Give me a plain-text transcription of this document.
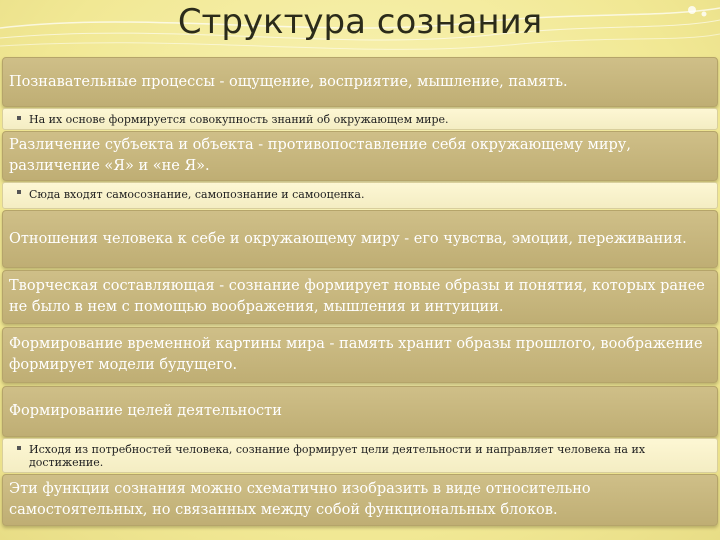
Структура сознания
Познавательные процессы - ощущение, восприятие, мышление, память.
На их основе формируется совокупность знаний об окружающем мире.
Различение субъекта и объекта - противопоставление себя окружающему миру, различение «Я» и «не Я».
Сюда входят самосознание, самопознание и самооценка.
Отношения человека к себе и окружающему миру - его чувства, эмоции, переживания.
Творческая составляющая - сознание формирует новые образы и понятия, которых ранее не было в нем с помощью воображения, мышления и интуиции.
Формирование временной картины мира - память хранит образы прошлого, воображение формирует модели будущего.
Формирование целей деятельности
Исходя из потребностей человека, сознание формирует цели деятельности и направляет человека на их достижение.
Эти функции сознания можно схематично изобразить в виде относительно самостоятельных, но связанных между собой функциональных блоков.
